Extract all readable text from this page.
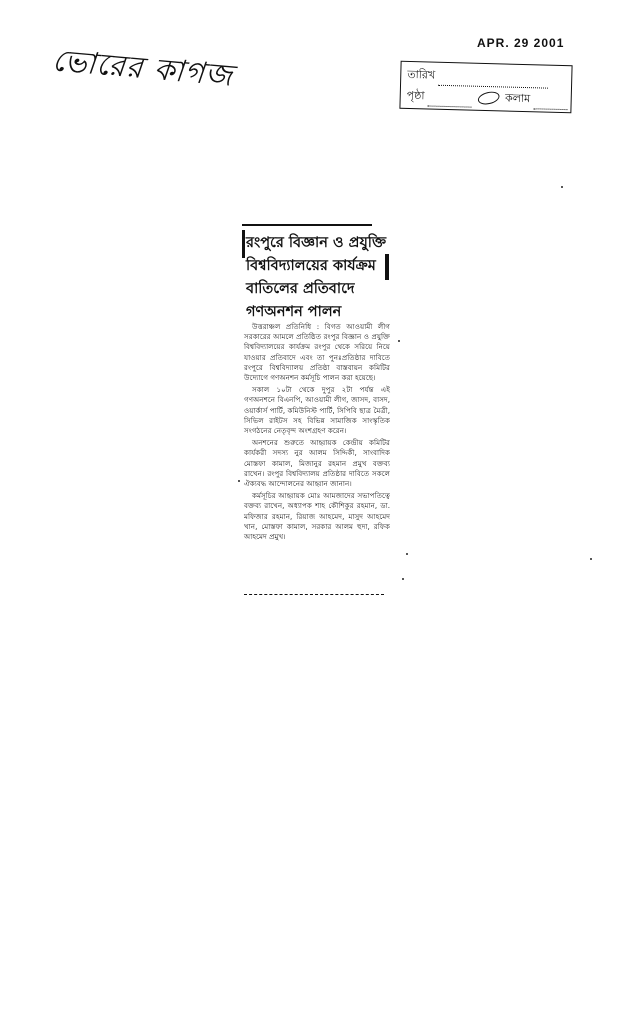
ভোরের কাগজ
APR. 29 2001
তারিখ
পৃষ্ঠা	কলাম
রংপুরে বিজ্ঞান ও প্রযুক্তি বিশ্ববিদ্যালয়ের কার্যক্রম বাতিলের প্রতিবাদে গণঅনশন পালন

উত্তরাঞ্চল প্রতিনিধি : বিগত আওয়ামী লীগ সরকারের আমলে প্রতিষ্ঠিত রংপুর বিজ্ঞান ও প্রযুক্তি বিশ্ববিদ্যালয়ের কার্যক্রম রংপুর থেকে সরিয়ে নিয়ে যাওয়ার প্রতিবাদে এবং তা পুনঃপ্রতিষ্ঠার দাবিতে রংপুরে বিশ্ববিদ্যালয় প্রতিষ্ঠা বাস্তবায়ন কমিটির উদ্যোগে গণঅনশন কর্মসূচি পালন করা হয়েছে।

সকাল ১০টা থেকে দুপুর ২টা পর্যন্ত এই গণঅনশনে বিএনপি, আওয়ামী লীগ, জাসদ, বাসদ, ওয়ার্কার্স পার্টি, কমিউনিস্ট পার্টি, সিপিবি ছাত্র মৈত্রী, সিভিল রাইটস সহ বিভিন্ন সামাজিক সাংস্কৃতিক সংগঠনের নেতৃবৃন্দ অংশগ্রহণ করেন।

অনশনের শুরুতে আহ্বায়ক কেন্দ্রীয় কমিটির কার্যকরী সদস্য নুর আলম সিদ্দিকী, সাংবাদিক মোস্তফা কামাল, মিজানুর রহমান প্রমুখ বক্তব্য রাখেন। রংপুর বিশ্ববিদ্যালয় প্রতিষ্ঠার দাবিতে সকলে ঐক্যবদ্ধ আন্দোলনের আহ্বান জানান।

কর্মসূচির আহ্বায়ক মোঃ আমজাদের সভাপতিত্বে বক্তব্য রাখেন, অধ্যাপক শাহ কৌশিকুর রহমান, ডা. মফিজার রহমান, রিয়াজ আহমেদ, মাসুদ আহমেদ খান, মোস্তফা কামাল, সরকার আলম হুদা, রফিক আহমেদ প্রমুখ।
